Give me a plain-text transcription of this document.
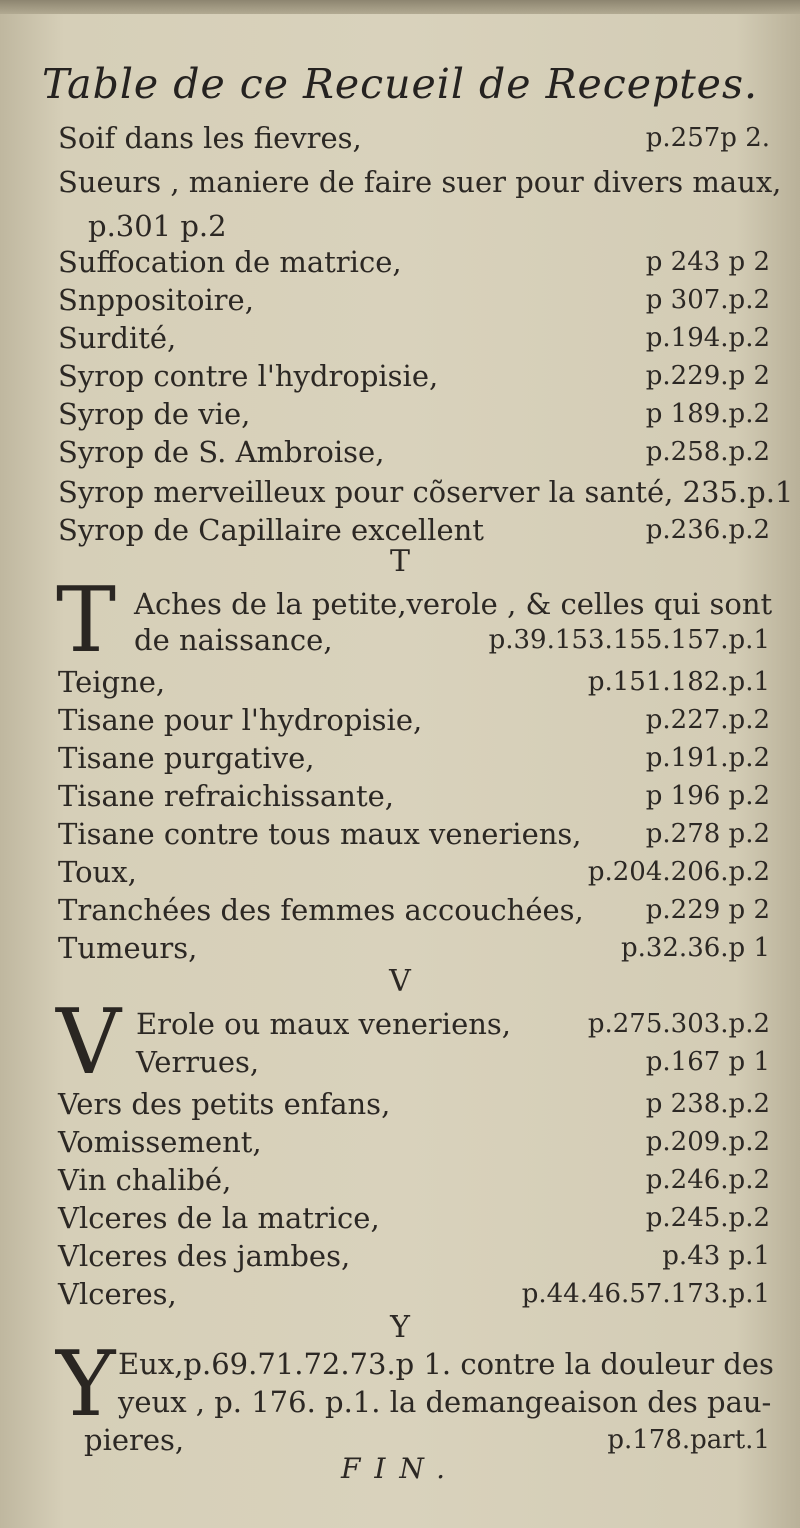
Table de ce Recueil de Receptes.
Soif dans les fievres,	p.257p 2.
Sueurs , maniere de faire suer pour divers maux,
p.301 p.2
Suffocation de matrice,	p 243 p 2
Snppositoire,	p 307.p.2
Surdité,	p.194.p.2
Syrop contre l'hydropisie,	p.229.p 2
Syrop de vie,	p 189.p.2
Syrop de S. Ambroise,	p.258.p.2
Syrop merveilleux pour cõserver la santé, 235.p.1
Syrop de Capillaire excellent	p.236.p.2
T
T Aches de la petite,verole , & celles qui sont
de naissance,	p.39.153.155.157.p.1
Teigne,	p.151.182.p.1
Tisane pour l'hydropisie,	p.227.p.2
Tisane purgative,	p.191.p.2
Tisane refraichissante,	p 196 p.2
Tisane contre tous maux veneriens, p.278 p.2
Toux,	p.204.206.p.2
Tranchées des femmes accouchées, p.229 p 2
Tumeurs,	p.32.36.p 1
V
V Erole ou maux veneriens,	p.275.303.p.2
Verrues,	p.167 p 1
Vers des petits enfans,	p 238.p.2
Vomissement,	p.209.p.2
Vin chalibé,	p.246.p.2
Vlceres de la matrice,	p.245.p.2
Vlceres des jambes,	p.43 p.1
Vlceres,	p.44.46.57.173.p.1
Y
Y Eux,p.69.71.72.73.p 1. contre la douleur des
yeux , p. 176. p.1. la demangeaison des pau-
pieres,	p.178.part.1
FIN.
